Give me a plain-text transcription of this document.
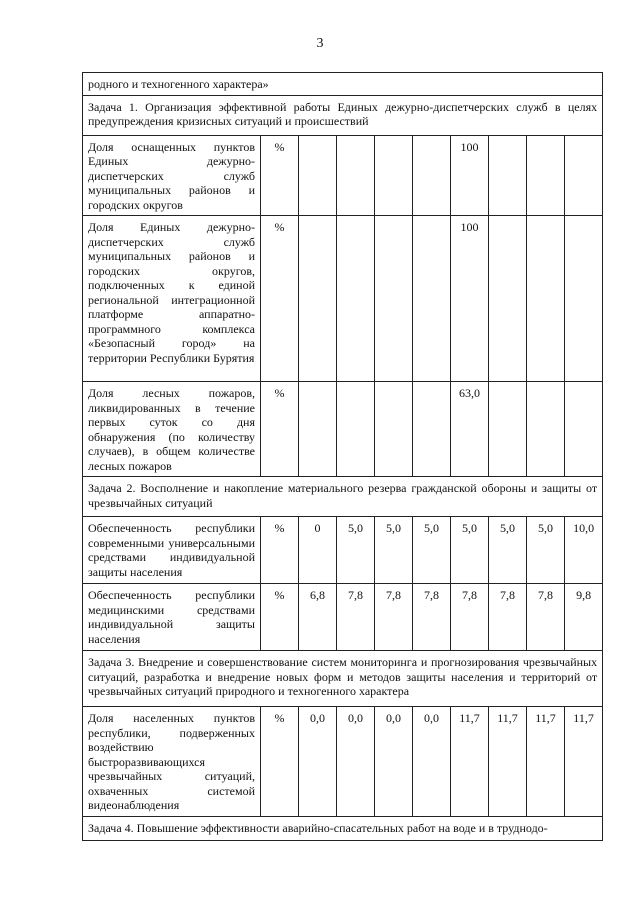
3
родного и техногенного характера»									
Задача 1. Организация эффективной работы Единых дежурно-диспетчерских служб в целях предупреждения кризисных ситуаций и происшествий									
Доля оснащенных пунктов Единых дежурно-диспетчерских служб муниципальных районов и городских округов	%					100			
Доля Единых дежурно-диспетчерских служб муниципальных районов и городских округов, подключенных к единой региональной интеграционной платформе аппаратно-программного комплекса «Безопасный город» на территории Республики Бурятия	%					100			
Доля лесных пожаров, ликвидированных в течение первых суток со дня обнаружения (по количеству случаев), в общем количестве лесных пожаров	%					63,0			
Задача 2. Восполнение и накопление материального резерва гражданской обороны и защиты от чрезвычайных ситуаций									
Обеспеченность республики современными универсальными средствами индивидуальной защиты населения	%	0	5,0	5,0	5,0	5,0	5,0	5,0	10,0
Обеспеченность республики медицинскими средствами индивидуальной защиты населения	%	6,8	7,8	7,8	7,8	7,8	7,8	7,8	9,8
Задача 3. Внедрение и совершенствование систем мониторинга и прогнозирования чрезвычайных ситуаций, разработка и внедрение новых форм и методов защиты населения и территорий от чрезвычайных ситуаций природного и техногенного характера									
Доля населенных пунктов республики, подверженных воздействию быстроразвивающихся чрезвычайных ситуаций, охваченных системой видеонаблюдения	%	0,0	0,0	0,0	0,0	11,7	11,7	11,7	11,7
Задача 4. Повышение эффективности аварийно-спасательных работ на воде и в труднодо-									
